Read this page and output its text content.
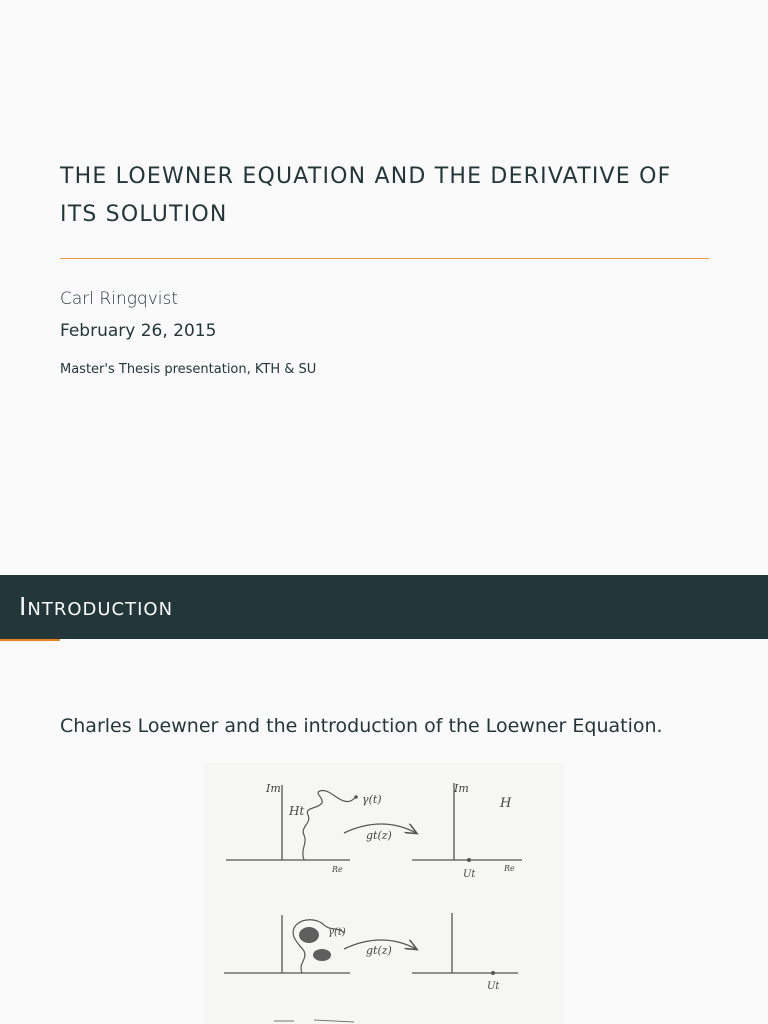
THE LOEWNER EQUATION AND THE DERIVATIVE OF ITS SOLUTION
Carl Ringqvist
February 26, 2015
Master's Thesis presentation, KTH & SU
Introduction
Charles Loewner and the introduction of the Loewner Equation.
Im
Ht
Re
γ(t)
gt(z)
Im
H
Ut
Re
γ(t)
gt(z)
Ut
